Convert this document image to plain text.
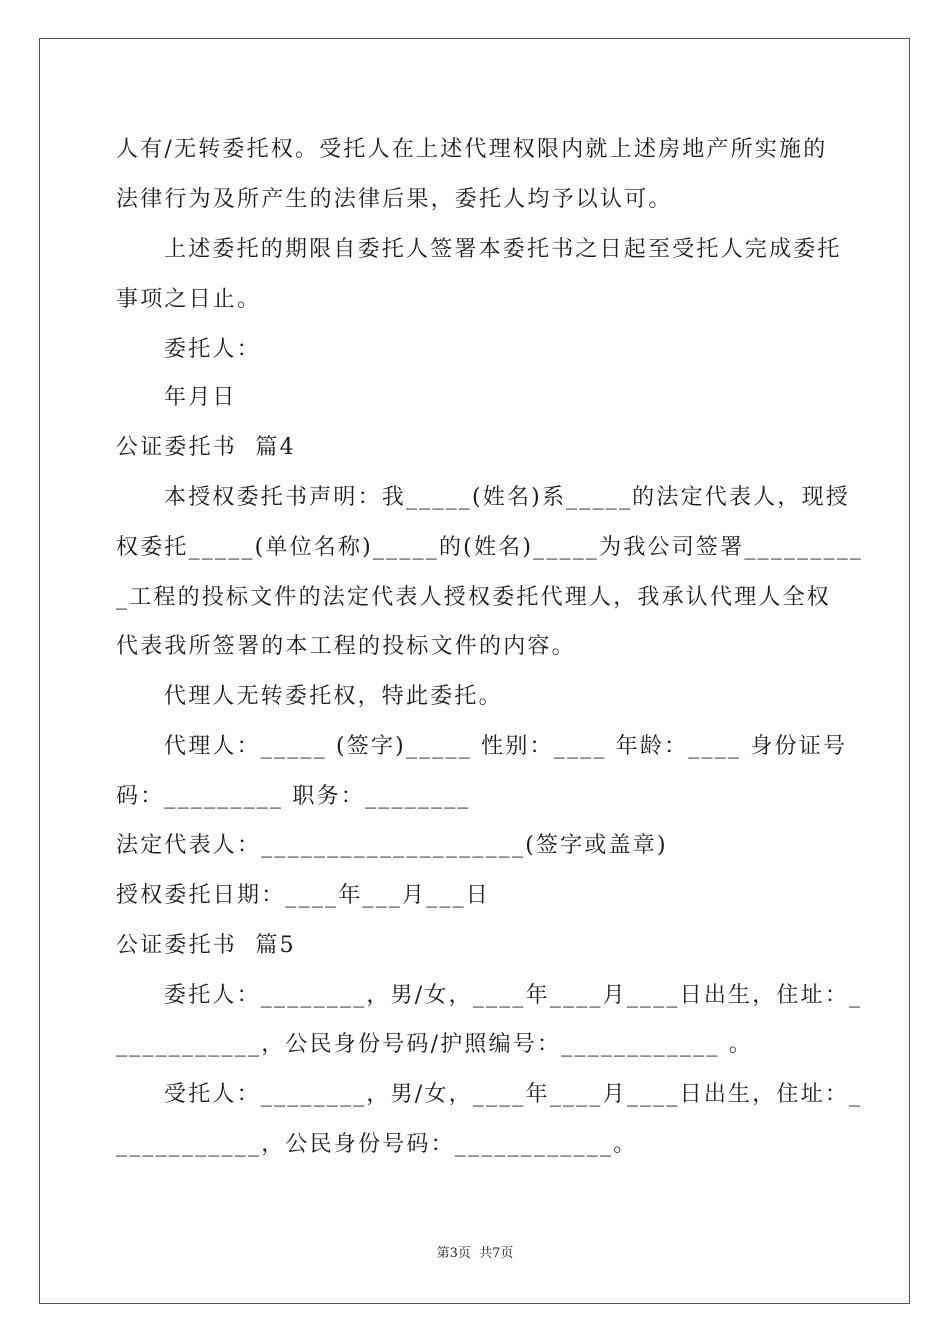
人有/无转委托权。受托人在上述代理权限内就上述房地产所实施的
法律行为及所产生的法律后果，委托人均予以认可。
上述委托的期限自委托人签署本委托书之日起至受托人完成委托
事项之日止。
委托人：
年月日
公证委托书  篇4
本授权委托书声明：我_____(姓名)系_____的法定代表人，现授
权委托_____(单位名称)_____的(姓名)_____为我公司签署_________
_工程的投标文件的法定代表人授权委托代理人，我承认代理人全权
代表我所签署的本工程的投标文件的内容。
代理人无转委托权，特此委托。
代理人：_____ (签字)_____ 性别：____ 年龄：____ 身份证号
码：_________ 职务：________
法定代表人：____________________(签字或盖章)
授权委托日期：____年___月___日
公证委托书  篇5
委托人：________，男/女，____年____月____日出生，住址：_
___________，公民身份号码/护照编号：____________ 。
受托人：________，男/女，____年____月____日出生，住址：_
___________，公民身份号码：____________。
第3页  共7页
